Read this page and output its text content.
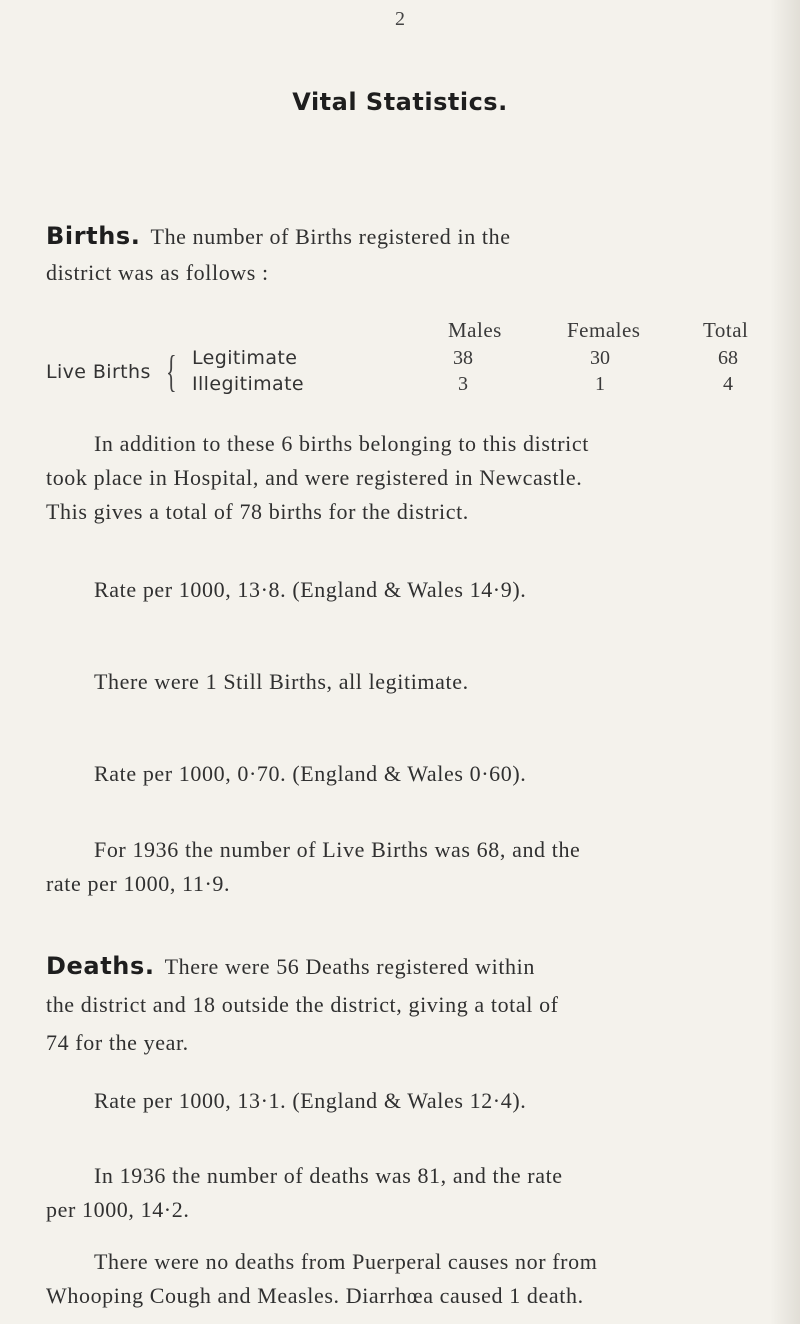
2
Vital Statistics.
Births. The number of Births registered in the
district was as follows :
Males	Females	Total
Live Births { Legitimate	38	30	68
Illegitimate	3	1	4
In addition to these 6 births belonging to this district
took place in Hospital, and were registered in Newcastle.
This gives a total of 78 births for the district.
Rate per 1000, 13·8. (England & Wales 14·9).
There were 1 Still Births, all legitimate.
Rate per 1000, 0·70. (England & Wales 0·60).
For 1936 the number of Live Births was 68, and the
rate per 1000, 11·9.
Deaths. There were 56 Deaths registered within
the district and 18 outside the district, giving a total of
74 for the year.
Rate per 1000, 13·1. (England & Wales 12·4).
In 1936 the number of deaths was 81, and the rate
per 1000, 14·2.
There were no deaths from Puerperal causes nor from
Whooping Cough and Measles. Diarrhœa caused 1 death.
